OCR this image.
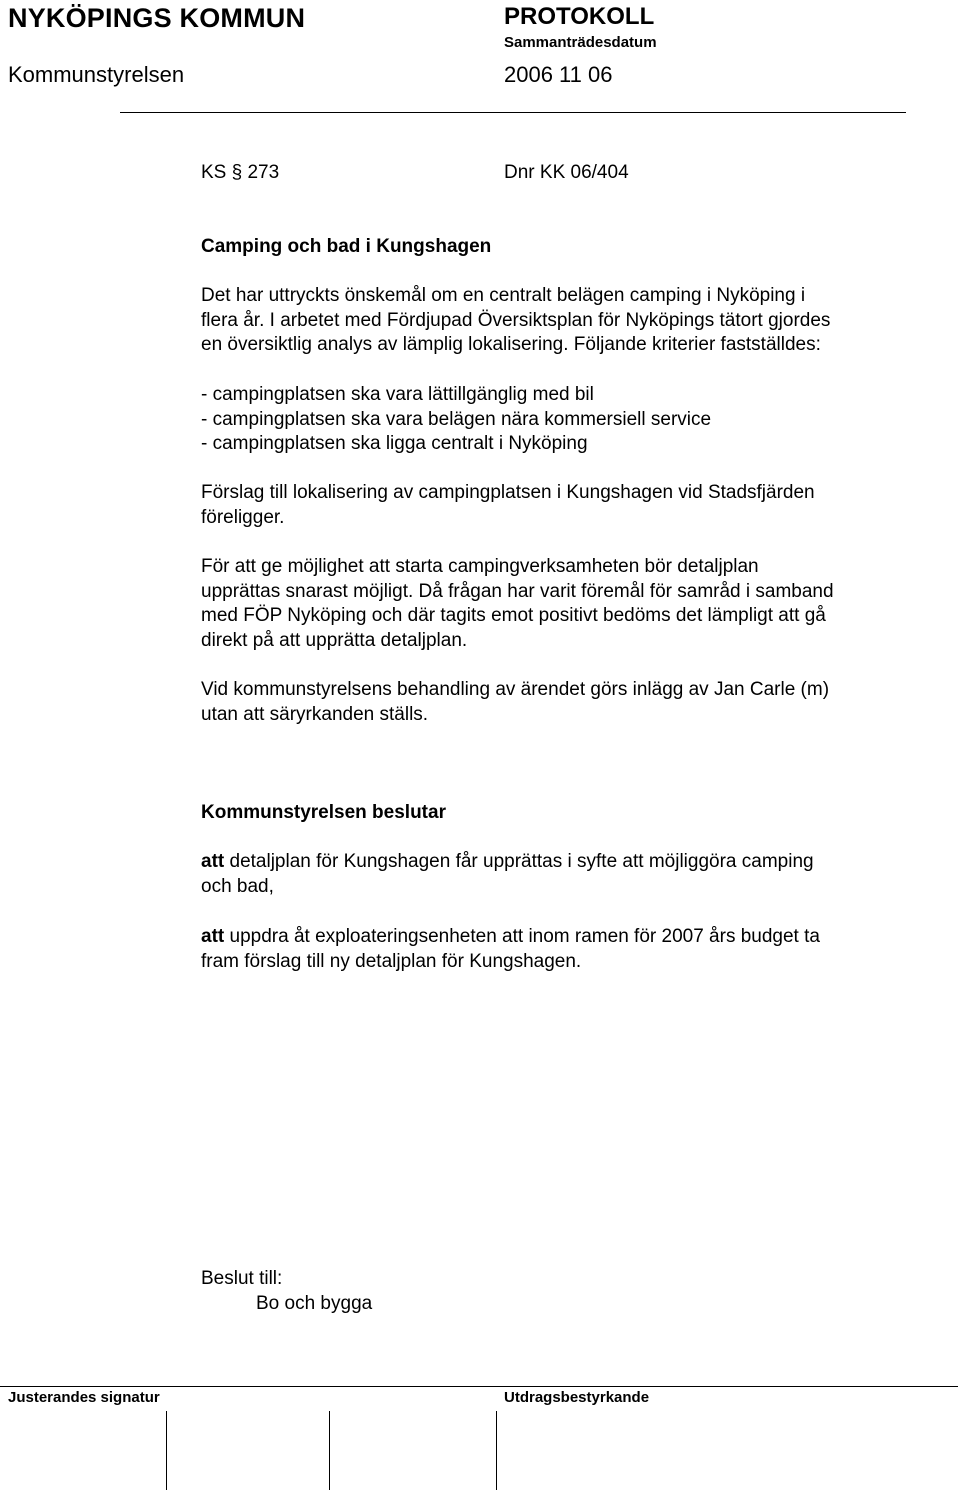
NYKÖPINGS KOMMUN	PROTOKOLL
Sammanträdesdatum
Kommunstyrelsen	2006 11 06
KS § 273	Dnr KK 06/404
Camping och bad i Kungshagen
Det har uttryckts önskemål om en centralt belägen camping i Nyköping i
flera år. I arbetet med Fördjupad Översiktsplan för Nyköpings tätort gjordes
en översiktlig analys av lämplig lokalisering. Följande kriterier fastställdes:
- campingplatsen ska vara lättillgänglig med bil
- campingplatsen ska vara belägen nära kommersiell service
- campingplatsen ska ligga centralt i Nyköping
Förslag till lokalisering av campingplatsen i Kungshagen vid Stadsfjärden
föreligger.
För att ge möjlighet att starta campingverksamheten bör detaljplan
upprättas snarast möjligt. Då frågan har varit föremål för samråd i samband
med FÖP Nyköping och där tagits emot positivt bedöms det lämpligt att gå
direkt på att upprätta detaljplan.
Vid kommunstyrelsens behandling av ärendet görs inlägg av Jan Carle (m)
utan att säryrkanden ställs.
Kommunstyrelsen beslutar
att detaljplan för Kungshagen får upprättas i syfte att möjliggöra camping
och bad,
att uppdra åt exploateringsenheten att inom ramen för 2007 års budget ta
fram förslag till ny detaljplan för Kungshagen.
Beslut till:
Bo och bygga
Justerandes signatur	Utdragsbestyrkande
